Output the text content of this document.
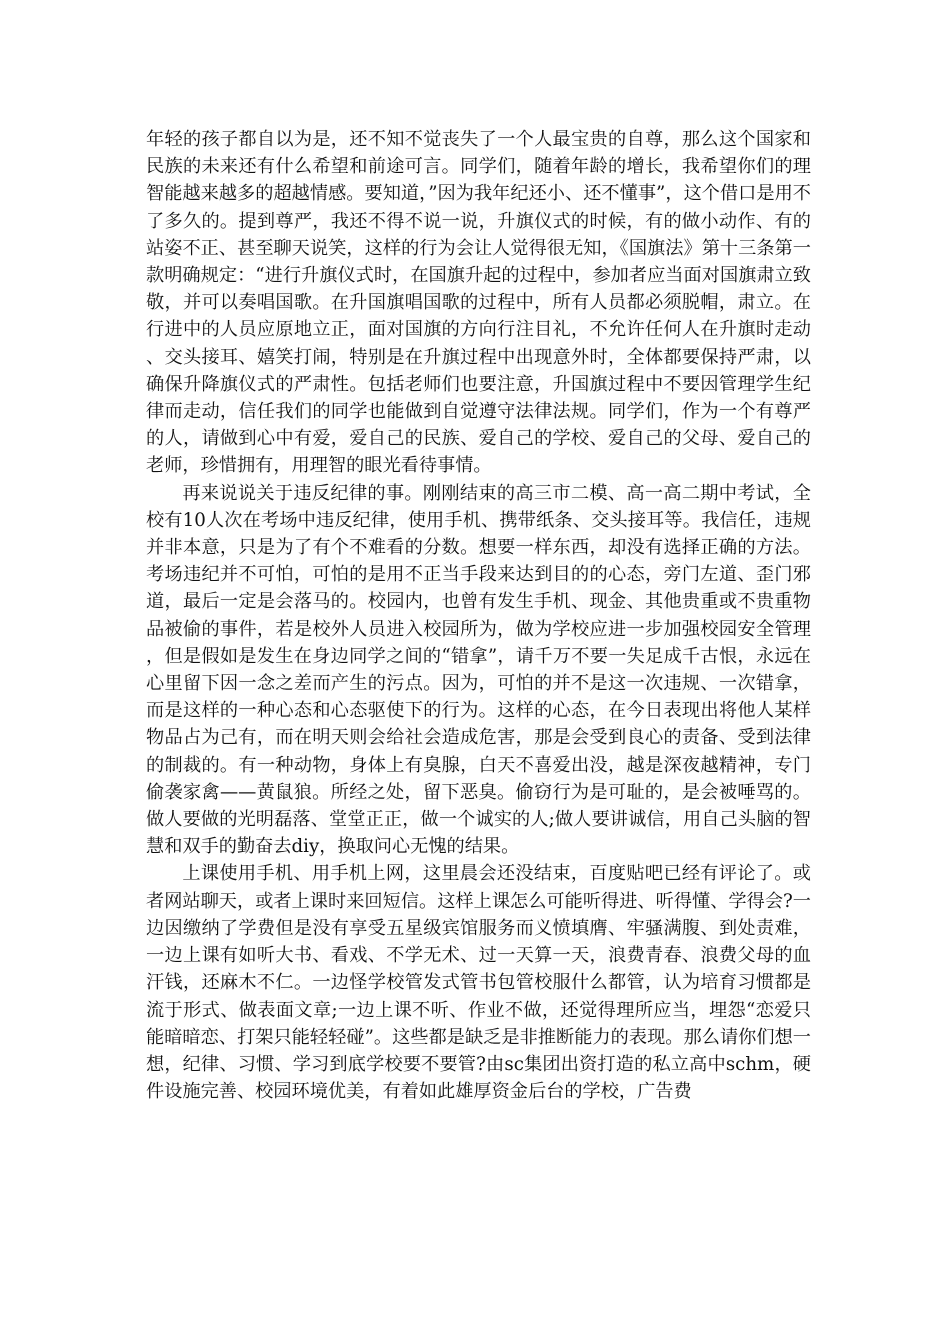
年轻的孩子都自以为是，还不知不觉丧失了一个人最宝贵的自尊，那么这个国家和民族的未来还有什么希望和前途可言。同学们，随着年龄的增长，我希望你们的理智能越来越多的超越情感。要知道，”因为我年纪还小、还不懂事”，这个借口是用不了多久的。提到尊严，我还不得不说一说，升旗仪式的时候，有的做小动作、有的站姿不正、甚至聊天说笑，这样的行为会让人觉得很无知，《国旗法》第十三条第一款明确规定：“进行升旗仪式时，在国旗升起的过程中，参加者应当面对国旗肃立致敬，并可以奏唱国歌。在升国旗唱国歌的过程中，所有人员都必须脱帽，肃立。在行进中的人员应原地立正，面对国旗的方向行注目礼，不允许任何人在升旗时走动、交头接耳、嬉笑打闹，特别是在升旗过程中出现意外时，全体都要保持严肃，以确保升降旗仪式的严肃性。包括老师们也要注意，升国旗过程中不要因管理学生纪律而走动，信任我们的同学也能做到自觉遵守法律法规。同学们，作为一个有尊严的人，请做到心中有爱，爱自己的民族、爱自己的学校、爱自己的父母、爱自己的老师，珍惜拥有，用理智的眼光看待事情。

再来说说关于违反纪律的事。刚刚结束的高三市二模、高一高二期中考试，全校有10人次在考场中违反纪律，使用手机、携带纸条、交头接耳等。我信任，违规并非本意，只是为了有个不难看的分数。想要一样东西，却没有选择正确的方法。考场违纪并不可怕，可怕的是用不正当手段来达到目的的心态，旁门左道、歪门邪道，最后一定是会落马的。校园内，也曾有发生手机、现金、其他贵重或不贵重物品被偷的事件，若是校外人员进入校园所为，做为学校应进一步加强校园安全管理，但是假如是发生在身边同学之间的“错拿”，请千万不要一失足成千古恨，永远在心里留下因一念之差而产生的污点。因为，可怕的并不是这一次违规、一次错拿，而是这样的一种心态和心态驱使下的行为。这样的心态，在今日表现出将他人某样物品占为己有，而在明天则会给社会造成危害，那是会受到良心的责备、受到法律的制裁的。有一种动物，身体上有臭腺，白天不喜爱出没，越是深夜越精神，专门偷袭家禽——黄鼠狼。所经之处，留下恶臭。偷窃行为是可耻的，是会被唾骂的。做人要做的光明磊落、堂堂正正，做一个诚实的人;做人要讲诚信，用自己头脑的智慧和双手的勤奋去diy，换取问心无愧的结果。

上课使用手机、用手机上网，这里晨会还没结束，百度贴吧已经有评论了。或者网站聊天，或者上课时来回短信。这样上课怎么可能听得进、听得懂、学得会?一边因缴纳了学费但是没有享受五星级宾馆服务而义愤填膺、牢骚满腹、到处责难，一边上课有如听大书、看戏、不学无术、过一天算一天，浪费青春、浪费父母的血汗钱，还麻木不仁。一边怪学校管发式管书包管校服什么都管，认为培育习惯都是流于形式、做表面文章;一边上课不听、作业不做，还觉得理所应当，埋怨“恋爱只能暗暗恋、打架只能轻轻碰”。这些都是缺乏是非推断能力的表现。那么请你们想一想，纪律、习惯、学习到底学校要不要管?由sc集团出资打造的私立高中schm，硬件设施完善、校园环境优美，有着如此雄厚资金后台的学校，广告费
